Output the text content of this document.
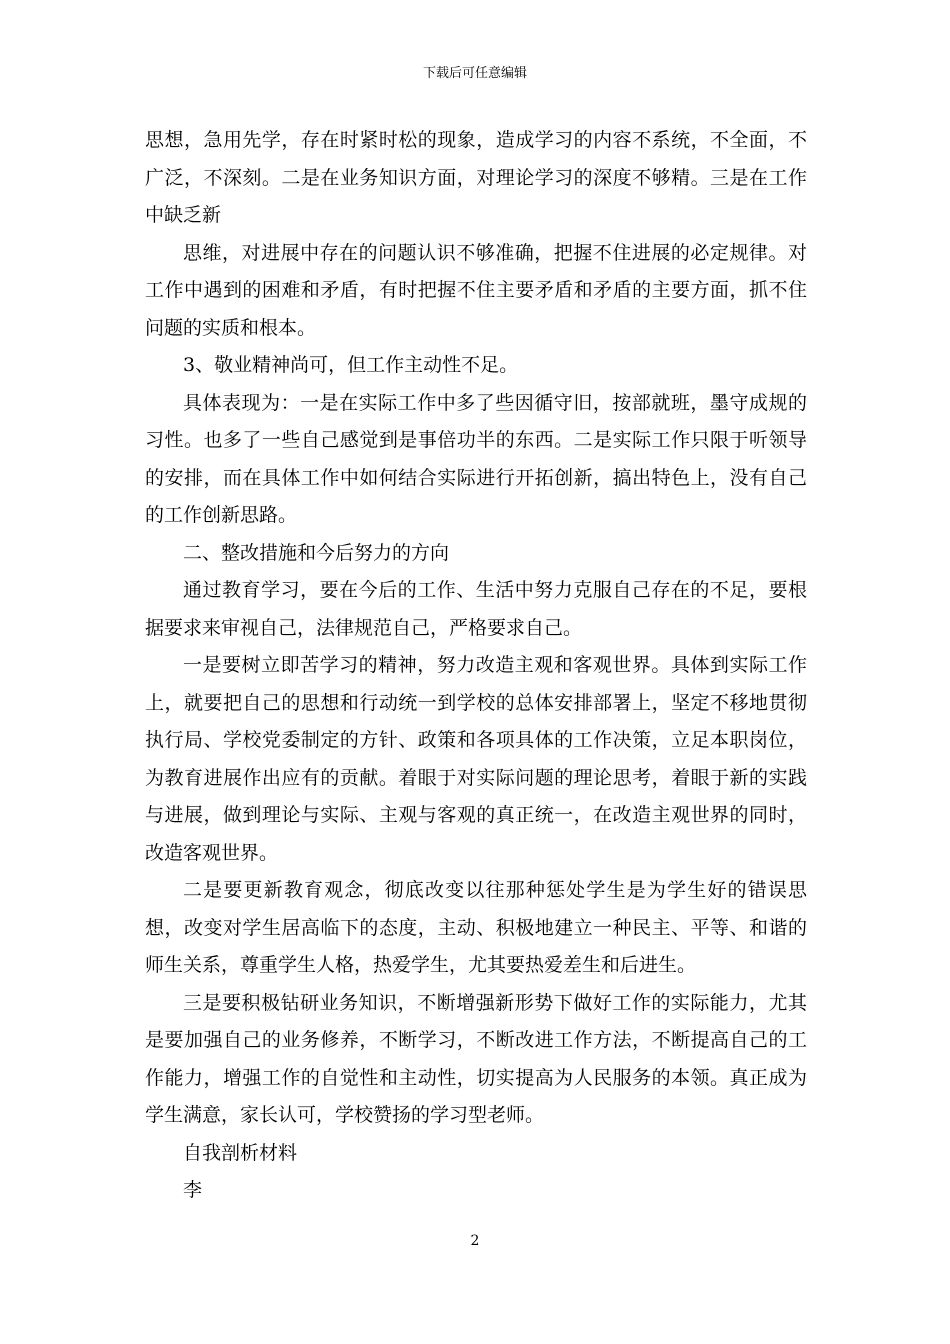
下载后可任意编辑

思想，急用先学，存在时紧时松的现象，造成学习的内容不系统，不全面，不广泛，不深刻。二是在业务知识方面，对理论学习的深度不够精。三是在工作中缺乏新

思维，对进展中存在的问题认识不够准确，把握不住进展的必定规律。对工作中遇到的困难和矛盾，有时把握不住主要矛盾和矛盾的主要方面，抓不住问题的实质和根本。

3、敬业精神尚可，但工作主动性不足。

具体表现为：一是在实际工作中多了些因循守旧，按部就班，墨守成规的习性。也多了一些自己感觉到是事倍功半的东西。二是实际工作只限于听领导的安排，而在具体工作中如何结合实际进行开拓创新，搞出特色上，没有自己的工作创新思路。

二、整改措施和今后努力的方向

通过教育学习，要在今后的工作、生活中努力克服自己存在的不足，要根据要求来审视自己，法律规范自己，严格要求自己。

一是要树立即苦学习的精神，努力改造主观和客观世界。具体到实际工作上，就要把自己的思想和行动统一到学校的总体安排部署上，坚定不移地贯彻执行局、学校党委制定的方针、政策和各项具体的工作决策，立足本职岗位，为教育进展作出应有的贡献。着眼于对实际问题的理论思考，着眼于新的实践与进展，做到理论与实际、主观与客观的真正统一，在改造主观世界的同时，改造客观世界。

二是要更新教育观念，彻底改变以往那种惩处学生是为学生好的错误思想，改变对学生居高临下的态度，主动、积极地建立一种民主、平等、和谐的师生关系，尊重学生人格，热爱学生，尤其要热爱差生和后进生。

三是要积极钻研业务知识，不断增强新形势下做好工作的实际能力，尤其是要加强自己的业务修养，不断学习，不断改进工作方法，不断提高自己的工作能力，增强工作的自觉性和主动性，切实提高为人民服务的本领。真正成为学生满意，家长认可，学校赞扬的学习型老师。

自我剖析材料

李

2
